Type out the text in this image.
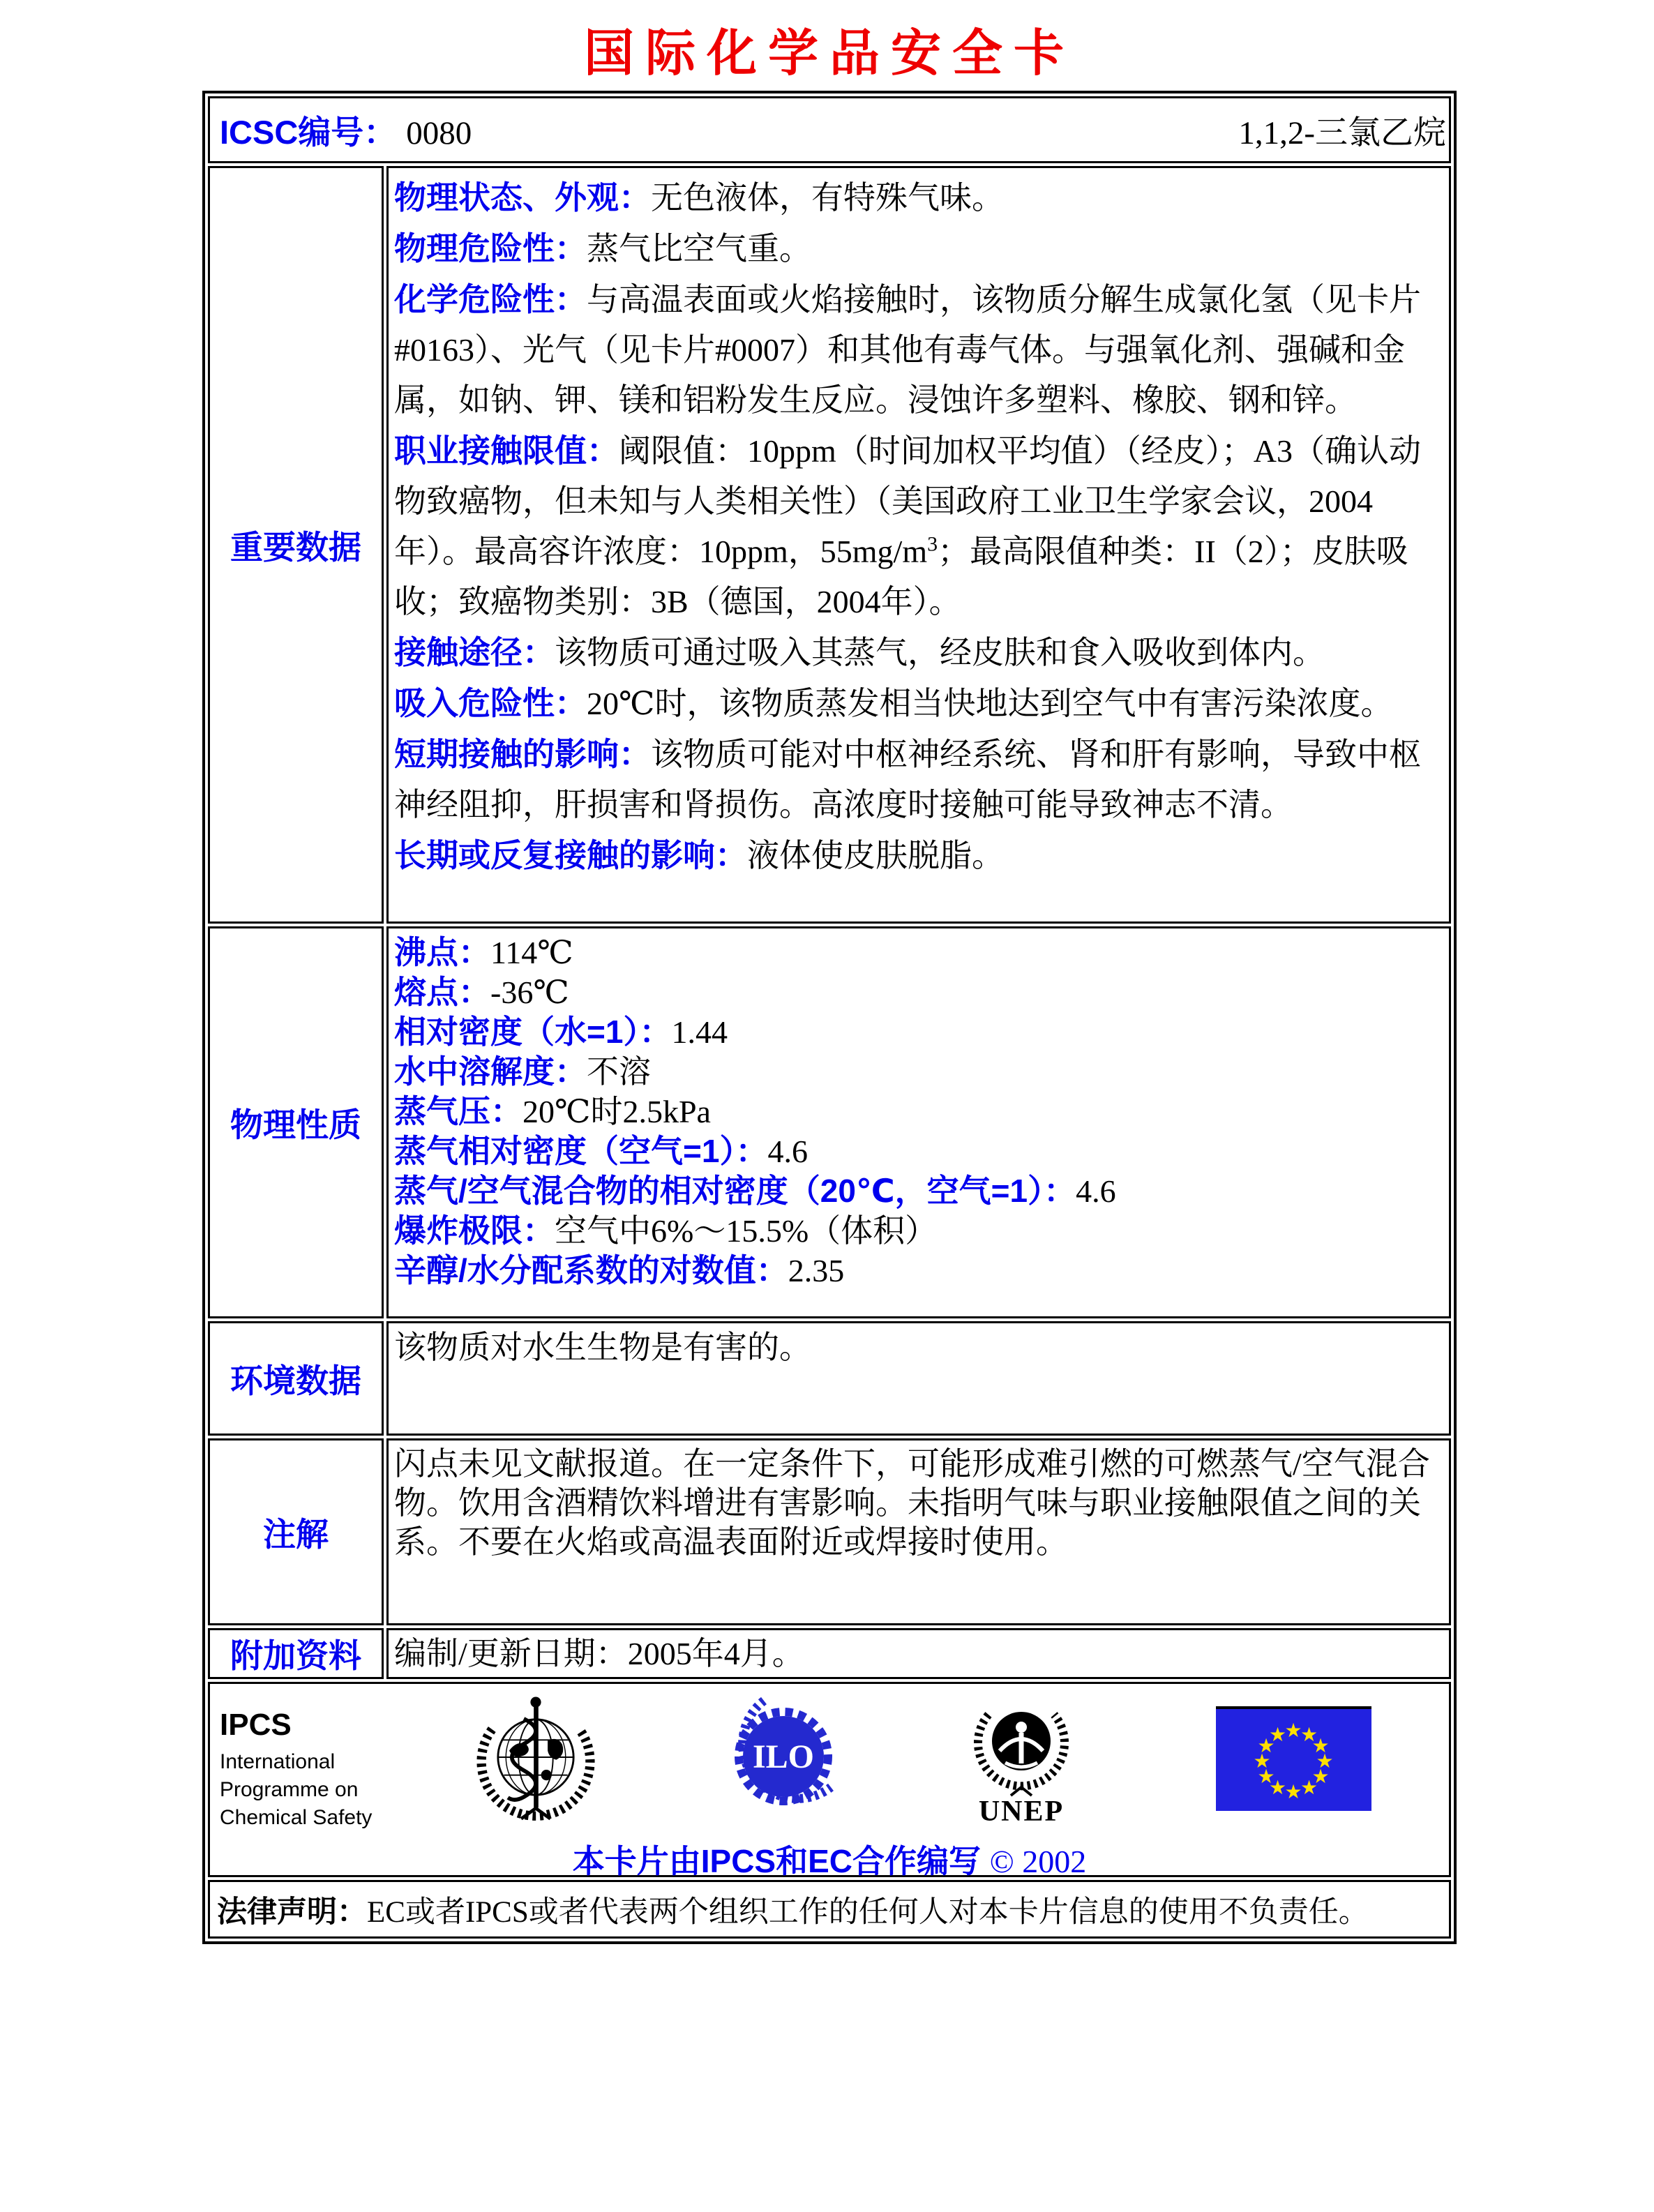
国际化学品安全卡
ICSC编号： 0080	1,1,2-三氯乙烷
重要数据

物理状态、外观：无色液体，有特殊气味。

物理危险性：蒸气比空气重。

化学危险性：与高温表面或火焰接触时，该物质分解生成氯化氢（见卡片#0163）、光气（见卡片#0007）和其他有毒气体。与强氧化剂、强碱和金属，如钠、钾、镁和铝粉发生反应。浸蚀许多塑料、橡胶、钢和锌。

职业接触限值：阈限值：10ppm（时间加权平均值）（经皮）；A3（确认动物致癌物，但未知与人类相关性）（美国政府工业卫生学家会议，2004年）。最高容许浓度：10ppm，$55mg/m^3$；最高限值种类：II（2）；皮肤吸收；致癌物类别：3B（德国，2004年）。

接触途径：该物质可通过吸入其蒸气，经皮肤和食入吸收到体内。

吸入危险性：20℃时，该物质蒸发相当快地达到空气中有害污染浓度。

短期接触的影响：该物质可能对中枢神经系统、肾和肝有影响，导致中枢神经阻抑，肝损害和肾损伤。高浓度时接触可能导致神志不清。

长期或反复接触的影响：液体使皮肤脱脂。

物理性质

沸点：114℃

熔点：-36℃

相对密度（水=1）：1.44

水中溶解度：不溶

蒸气压：20℃时2.5kPa

蒸气相对密度（空气=1）：4.6

蒸气/空气混合物的相对密度（20℃，空气=1）：4.6

爆炸极限：空气中6%～15.5%（体积）

辛醇/水分配系数的对数值：2.35

环境数据

该物质对水生生物是有害的。

注解

闪点未见文献报道。在一定条件下，可能形成难引燃的可燃蒸气/空气混合物。饮用含酒精饮料增进有害影响。未指明气味与职业接触限值之间的关系。不要在火焰或高温表面附近或焊接时使用。

附加资料 编制/更新日期：2005年4月。

IPCS
International
Programme on
Chemical Safety
ILO
UNEP
★
★
★
★
★
★
★
★
★
★
★
★
本卡片由IPCS和EC合作编写 © 2002

法律声明：EC或者IPCS或者代表两个组织工作的任何人对本卡片信息的使用不负责任。
